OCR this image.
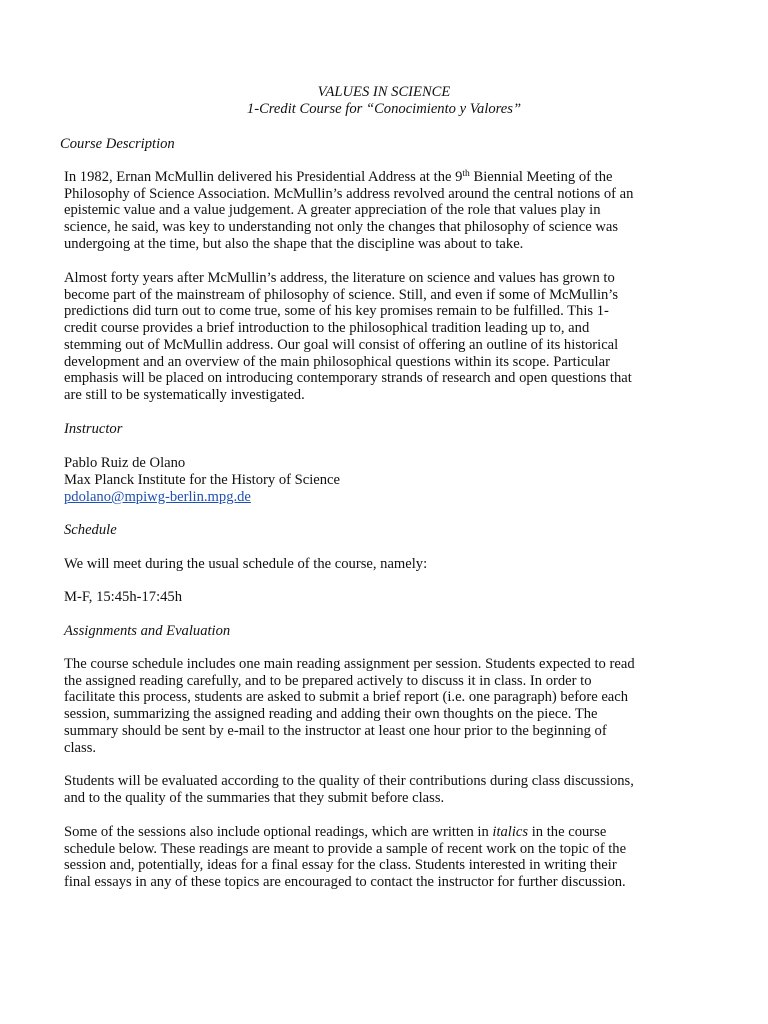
VALUES IN SCIENCE
1-Credit Course for “Conocimiento y Valores”
Course Description
In 1982, Ernan McMullin delivered his Presidential Address at the 9th Biennial Meeting of the
Philosophy of Science Association. McMullin’s address revolved around the central notions of an
epistemic value and a value judgement. A greater appreciation of the role that values play in
science, he said, was key to understanding not only the changes that philosophy of science was
undergoing at the time, but also the shape that the discipline was about to take.
Almost forty years after McMullin’s address, the literature on science and values has grown to
become part of the mainstream of philosophy of science. Still, and even if some of McMullin’s
predictions did turn out to come true, some of his key promises remain to be fulfilled. This 1-
credit course provides a brief introduction to the philosophical tradition leading up to, and
stemming out of McMullin address. Our goal will consist of offering an outline of its historical
development and an overview of the main philosophical questions within its scope. Particular
emphasis will be placed on introducing contemporary strands of research and open questions that
are still to be systematically investigated.
Instructor
Pablo Ruiz de Olano
Max Planck Institute for the History of Science
pdolano@mpiwg-berlin.mpg.de
Schedule
We will meet during the usual schedule of the course, namely:
M-F, 15:45h-17:45h
Assignments and Evaluation
The course schedule includes one main reading assignment per session. Students expected to read
the assigned reading carefully, and to be prepared actively to discuss it in class. In order to
facilitate this process, students are asked to submit a brief report (i.e. one paragraph) before each
session, summarizing the assigned reading and adding their own thoughts on the piece. The
summary should be sent by e-mail to the instructor at least one hour prior to the beginning of
class.
Students will be evaluated according to the quality of their contributions during class discussions,
and to the quality of the summaries that they submit before class.
Some of the sessions also include optional readings, which are written in italics in the course
schedule below. These readings are meant to provide a sample of recent work on the topic of the
session and, potentially, ideas for a final essay for the class. Students interested in writing their
final essays in any of these topics are encouraged to contact the instructor for further discussion.
